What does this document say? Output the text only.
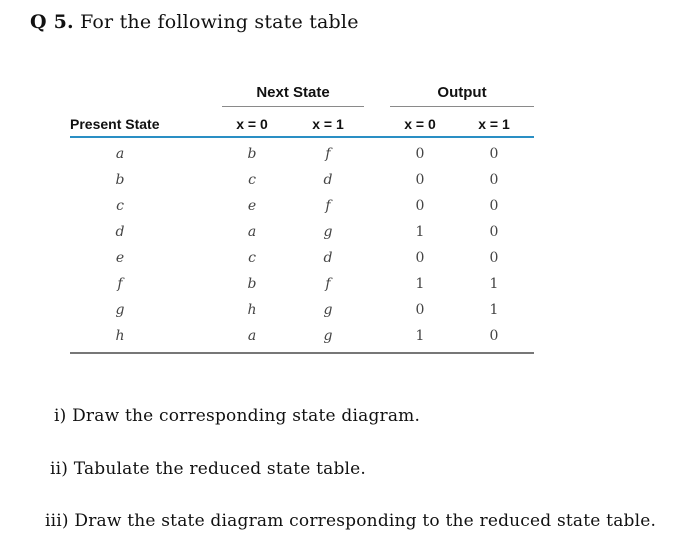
Q 5. For the following state table
Next State	Output
Present State	x = 0	x = 1	x = 0	x = 1
a	b	f	0	0
b	c	d	0	0
c	e	f	0	0
d	a	g	1	0
e	c	d	0	0
f	b	f	1	1
g	h	g	0	1
h	a	g	1	0
i) Draw the corresponding state diagram.
ii) Tabulate the reduced state table.
iii) Draw the state diagram corresponding to the reduced state table.
